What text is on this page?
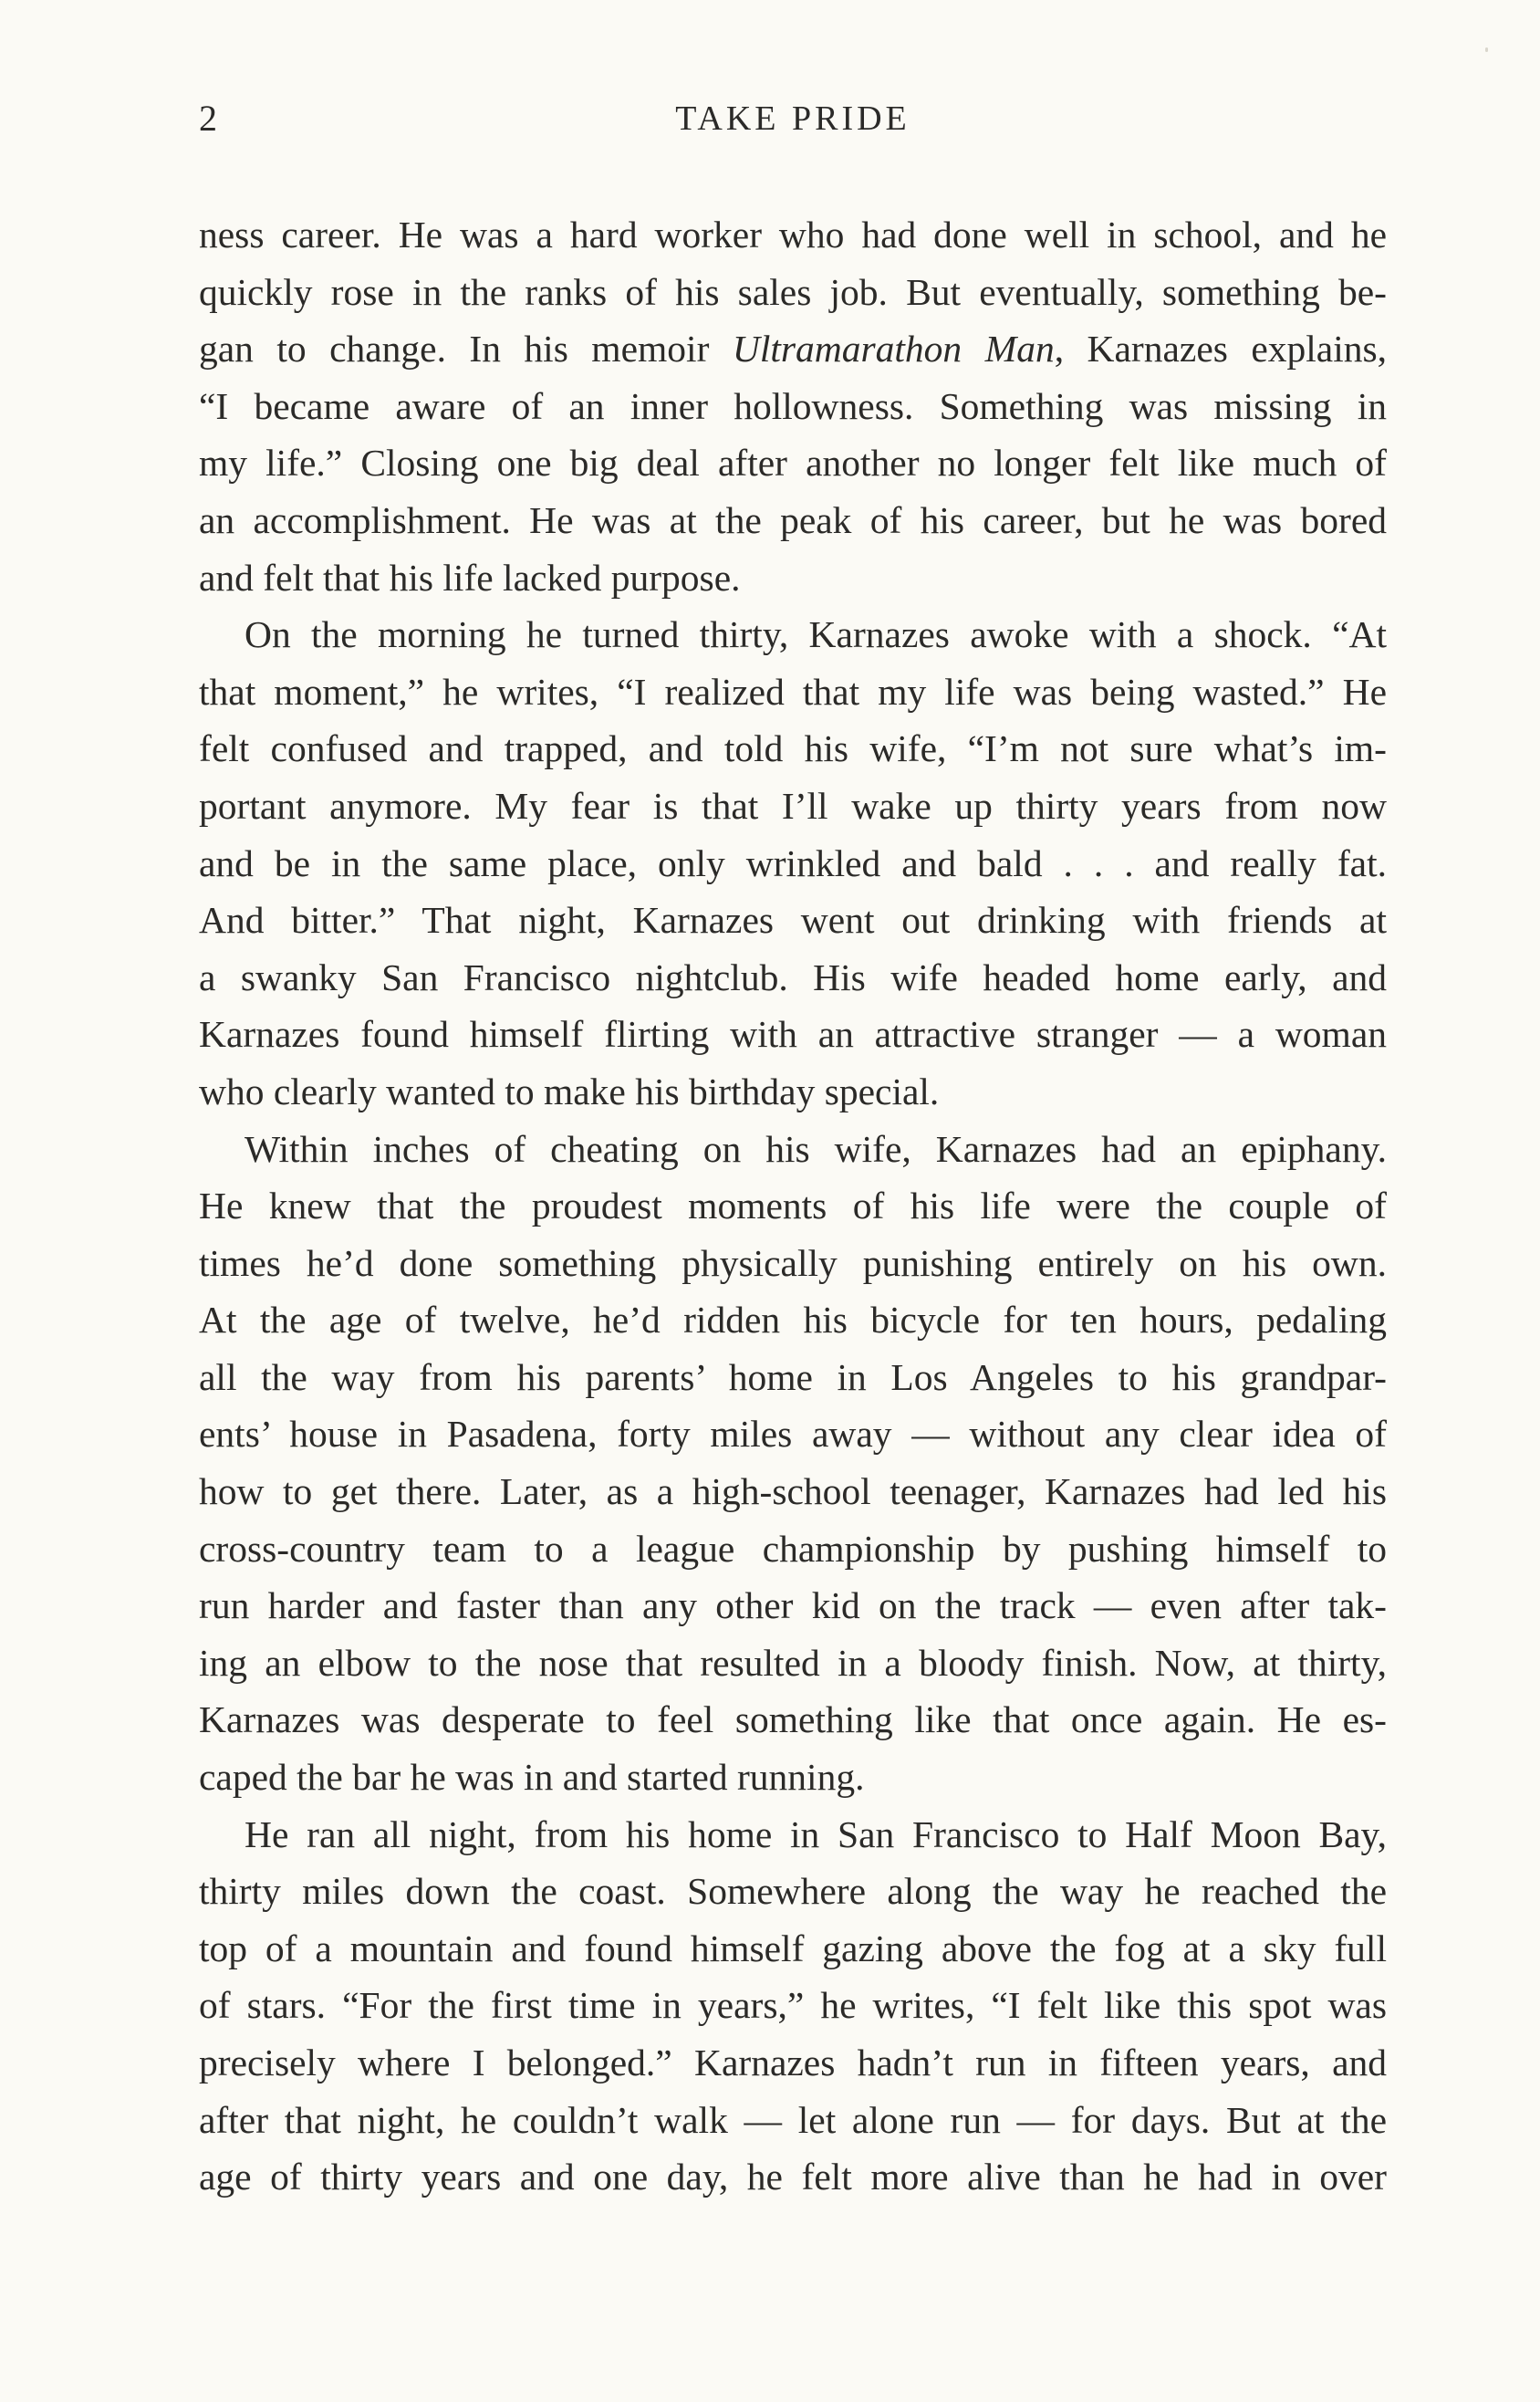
2	TAKE PRIDE
ness career. He was a hard worker who had done well in school, and he
quickly rose in the ranks of his sales job. But eventually, something be-
gan to change. In his memoir Ultramarathon Man, Karnazes explains,
“I became aware of an inner hollowness. Something was missing in
my life.” Closing one big deal after another no longer felt like much of
an accomplishment. He was at the peak of his career, but he was bored
and felt that his life lacked purpose.
On the morning he turned thirty, Karnazes awoke with a shock. “At
that moment,” he writes, “I realized that my life was being wasted.” He
felt confused and trapped, and told his wife, “I’m not sure what’s im-
portant anymore. My fear is that I’ll wake up thirty years from now
and be in the same place, only wrinkled and bald . . . and really fat.
And bitter.” That night, Karnazes went out drinking with friends at
a swanky San Francisco nightclub. His wife headed home early, and
Karnazes found himself flirting with an attractive stranger — a woman
who clearly wanted to make his birthday special.
Within inches of cheating on his wife, Karnazes had an epiphany.
He knew that the proudest moments of his life were the couple of
times he’d done something physically punishing entirely on his own.
At the age of twelve, he’d ridden his bicycle for ten hours, pedaling
all the way from his parents’ home in Los Angeles to his grandpar-
ents’ house in Pasadena, forty miles away — without any clear idea of
how to get there. Later, as a high-school teenager, Karnazes had led his
cross-country team to a league championship by pushing himself to
run harder and faster than any other kid on the track — even after tak-
ing an elbow to the nose that resulted in a bloody finish. Now, at thirty,
Karnazes was desperate to feel something like that once again. He es-
caped the bar he was in and started running.
He ran all night, from his home in San Francisco to Half Moon Bay,
thirty miles down the coast. Somewhere along the way he reached the
top of a mountain and found himself gazing above the fog at a sky full
of stars. “For the first time in years,” he writes, “I felt like this spot was
precisely where I belonged.” Karnazes hadn’t run in fifteen years, and
after that night, he couldn’t walk — let alone run — for days. But at the
age of thirty years and one day, he felt more alive than he had in over
